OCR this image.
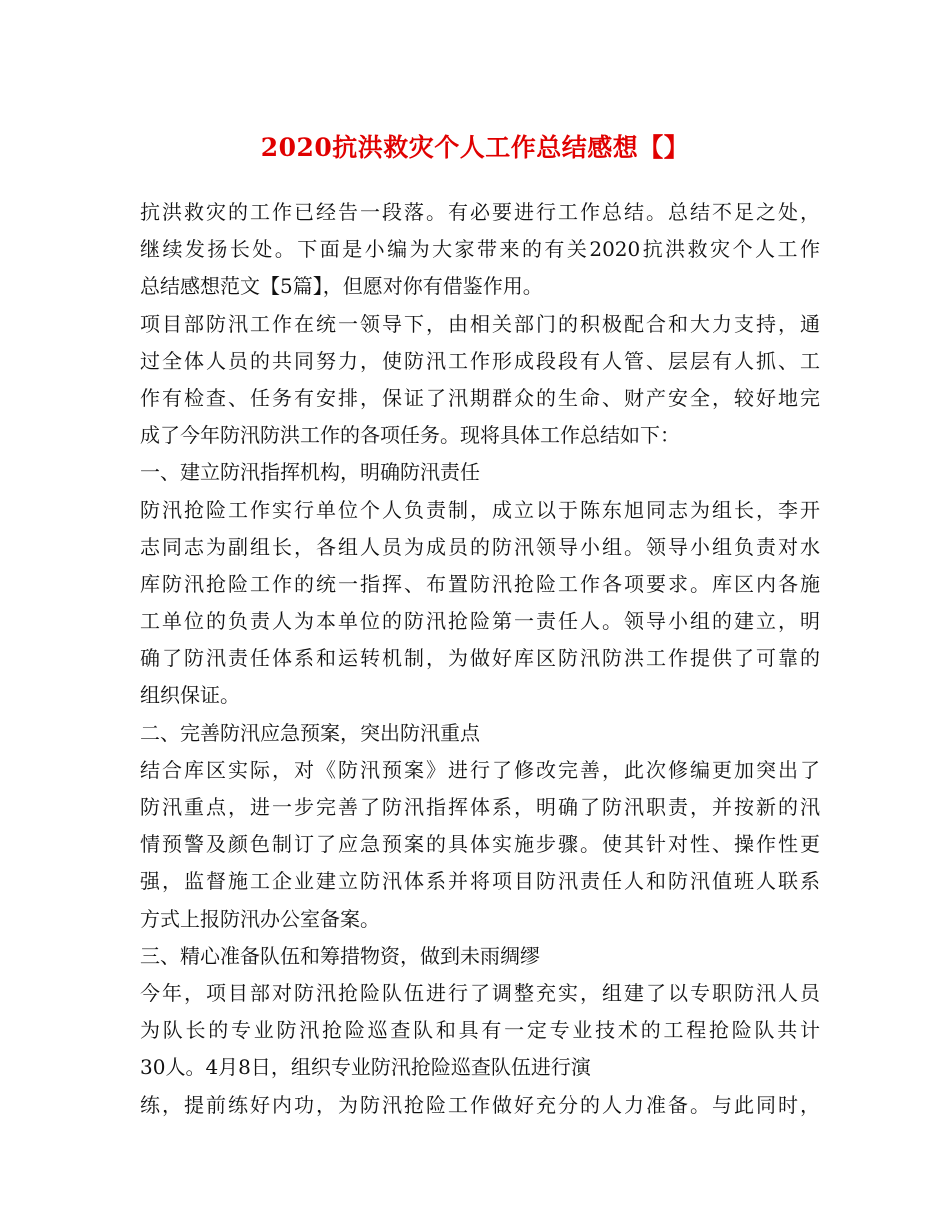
2020抗洪救灾个人工作总结感想【】
抗洪救灾的工作已经告一段落。有必要进行工作总结。总结不足之处，
继续发扬长处。下面是小编为大家带来的有关2020抗洪救灾个人工作
总结感想范文【5篇】，但愿对你有借鉴作用。
项目部防汛工作在统一领导下，由相关部门的积极配合和大力支持，通
过全体人员的共同努力，使防汛工作形成段段有人管、层层有人抓、工
作有检查、任务有安排，保证了汛期群众的生命、财产安全，较好地完
成了今年防汛防洪工作的各项任务。现将具体工作总结如下：
一、建立防汛指挥机构，明确防汛责任
防汛抢险工作实行单位个人负责制，成立以于陈东旭同志为组长，李开
志同志为副组长，各组人员为成员的防汛领导小组。领导小组负责对水
库防汛抢险工作的统一指挥、布置防汛抢险工作各项要求。库区内各施
工单位的负责人为本单位的防汛抢险第一责任人。领导小组的建立，明
确了防汛责任体系和运转机制，为做好库区防汛防洪工作提供了可靠的
组织保证。
二、完善防汛应急预案，突出防汛重点
结合库区实际，对《防汛预案》进行了修改完善，此次修编更加突出了
防汛重点，进一步完善了防汛指挥体系，明确了防汛职责，并按新的汛
情预警及颜色制订了应急预案的具体实施步骤。使其针对性、操作性更
强，监督施工企业建立防汛体系并将项目防汛责任人和防汛值班人联系
方式上报防汛办公室备案。
三、精心准备队伍和筹措物资，做到未雨绸缪
今年，项目部对防汛抢险队伍进行了调整充实，组建了以专职防汛人员
为队长的专业防汛抢险巡查队和具有一定专业技术的工程抢险队共计
30人。4月8日，组织专业防汛抢险巡查队伍进行演
练，提前练好内功，为防汛抢险工作做好充分的人力准备。与此同时，
